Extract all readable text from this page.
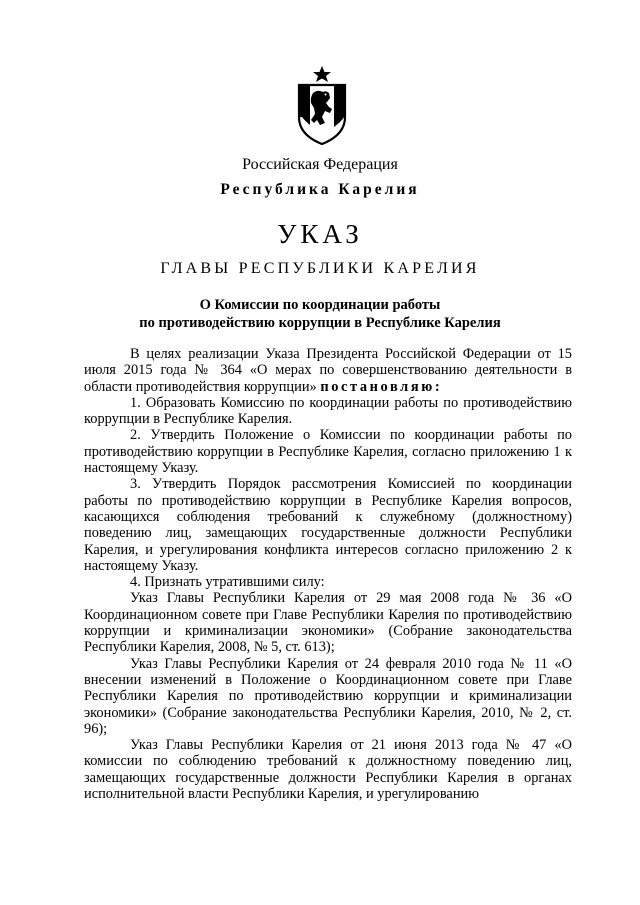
Российская Федерация
Республика Карелия
УКАЗ
ГЛАВЫ РЕСПУБЛИКИ КАРЕЛИЯ
О Комиссии по координации работы
по противодействию коррупции в Республике Карелия

В целях реализации Указа Президента Российской Федерации от 15 июля 2015 года № 364 «О мерах по совершенствованию деятельности в области противодействия коррупции» постановляю:

1. Образовать Комиссию по координации работы по противодействию коррупции в Республике Карелия.

2. Утвердить Положение о Комиссии по координации работы по противодействию коррупции в Республике Карелия, согласно приложению 1 к настоящему Указу.

3. Утвердить Порядок рассмотрения Комиссией по координации работы по противодействию коррупции в Республике Карелия вопросов, касающихся соблюдения требований к служебному (должностному) поведению лиц, замещающих государственные должности Республики Карелия, и урегулирования конфликта интересов согласно приложению 2 к настоящему Указу.

4. Признать утратившими силу:

Указ Главы Республики Карелия от 29 мая 2008 года № 36 «О Координационном совете при Главе Республики Карелия по противодействию коррупции и криминализации экономики» (Собрание законодательства Республики Карелия, 2008, № 5, ст. 613);

Указ Главы Республики Карелия от 24 февраля 2010 года № 11 «О внесении изменений в Положение о Координационном совете при Главе Республики Карелия по противодействию коррупции и криминализации экономики» (Собрание законодательства Республики Карелия, 2010, № 2, ст. 96);

Указ Главы Республики Карелия от 21 июня 2013 года № 47 «О комиссии по соблюдению требований к должностному поведению лиц, замещающих государственные должности Республики Карелия в органах исполнительной власти Республики Карелия, и урегулированию
